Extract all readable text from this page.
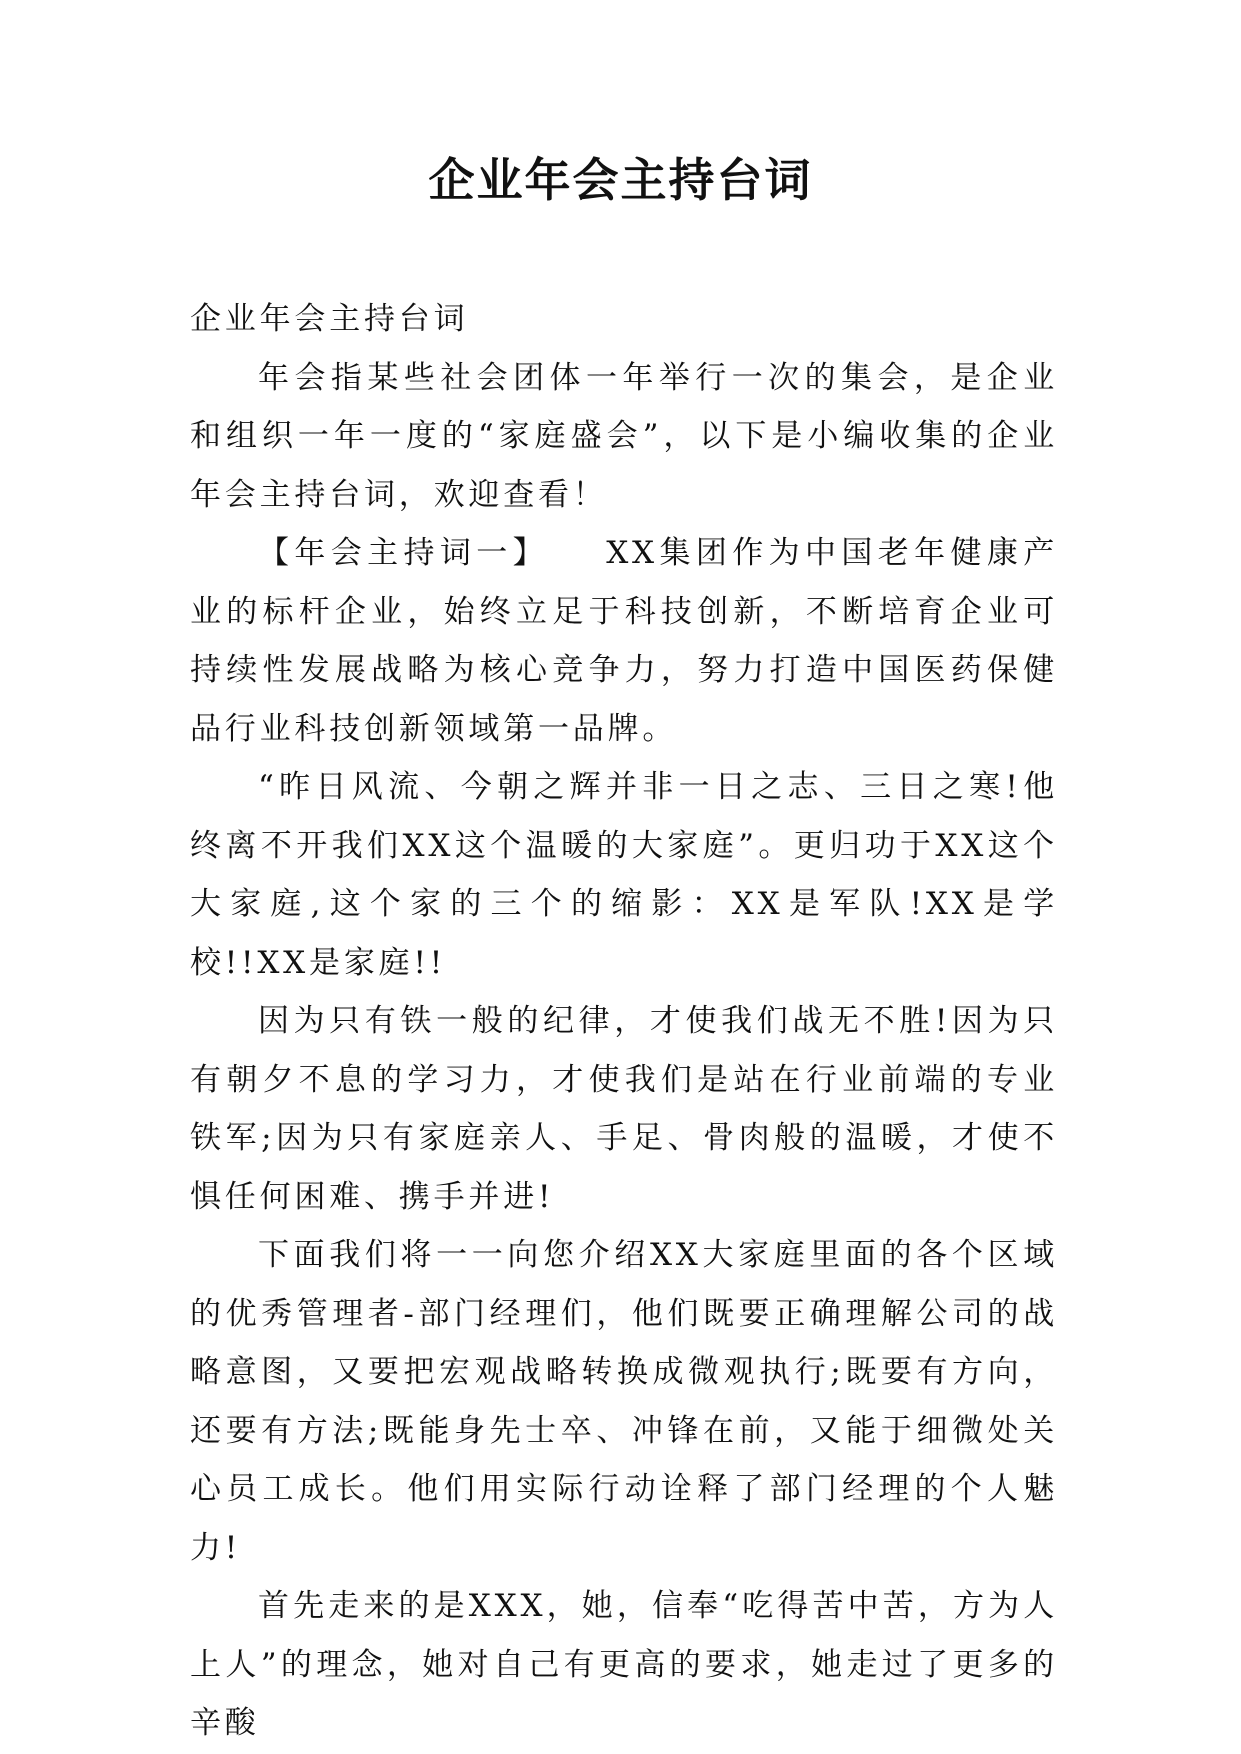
企业年会主持台词

企业年会主持台词

年会指某些社会团体一年举行一次的集会，是企业和组织一年一度的“家庭盛会”，以下是小编收集的企业年会主持台词，欢迎查看！

【年会主持词一】　　XX集团作为中国老年健康产业的标杆企业，始终立足于科技创新，不断培育企业可持续性发展战略为核心竞争力，努力打造中国医药保健品行业科技创新领域第一品牌。

“昨日风流、今朝之辉并非一日之志、三日之寒!他终离不开我们XX这个温暖的大家庭”。更归功于XX这个大家庭,这个家的三个的缩影：XX是军队!XX是学校!!XX是家庭!!

因为只有铁一般的纪律，才使我们战无不胜!因为只有朝夕不息的学习力，才使我们是站在行业前端的专业铁军;因为只有家庭亲人、手足、骨肉般的温暖，才使不惧任何困难、携手并进!

下面我们将一一向您介绍XX大家庭里面的各个区域的优秀管理者-部门经理们，他们既要正确理解公司的战略意图，又要把宏观战略转换成微观执行;既要有方向，还要有方法;既能身先士卒、冲锋在前，又能于细微处关心员工成长。他们用实际行动诠释了部门经理的个人魅力!

首先走来的是XXX，她，信奉“吃得苦中苦，方为人上人”的理念，她对自己有更高的要求，她走过了更多的辛酸
